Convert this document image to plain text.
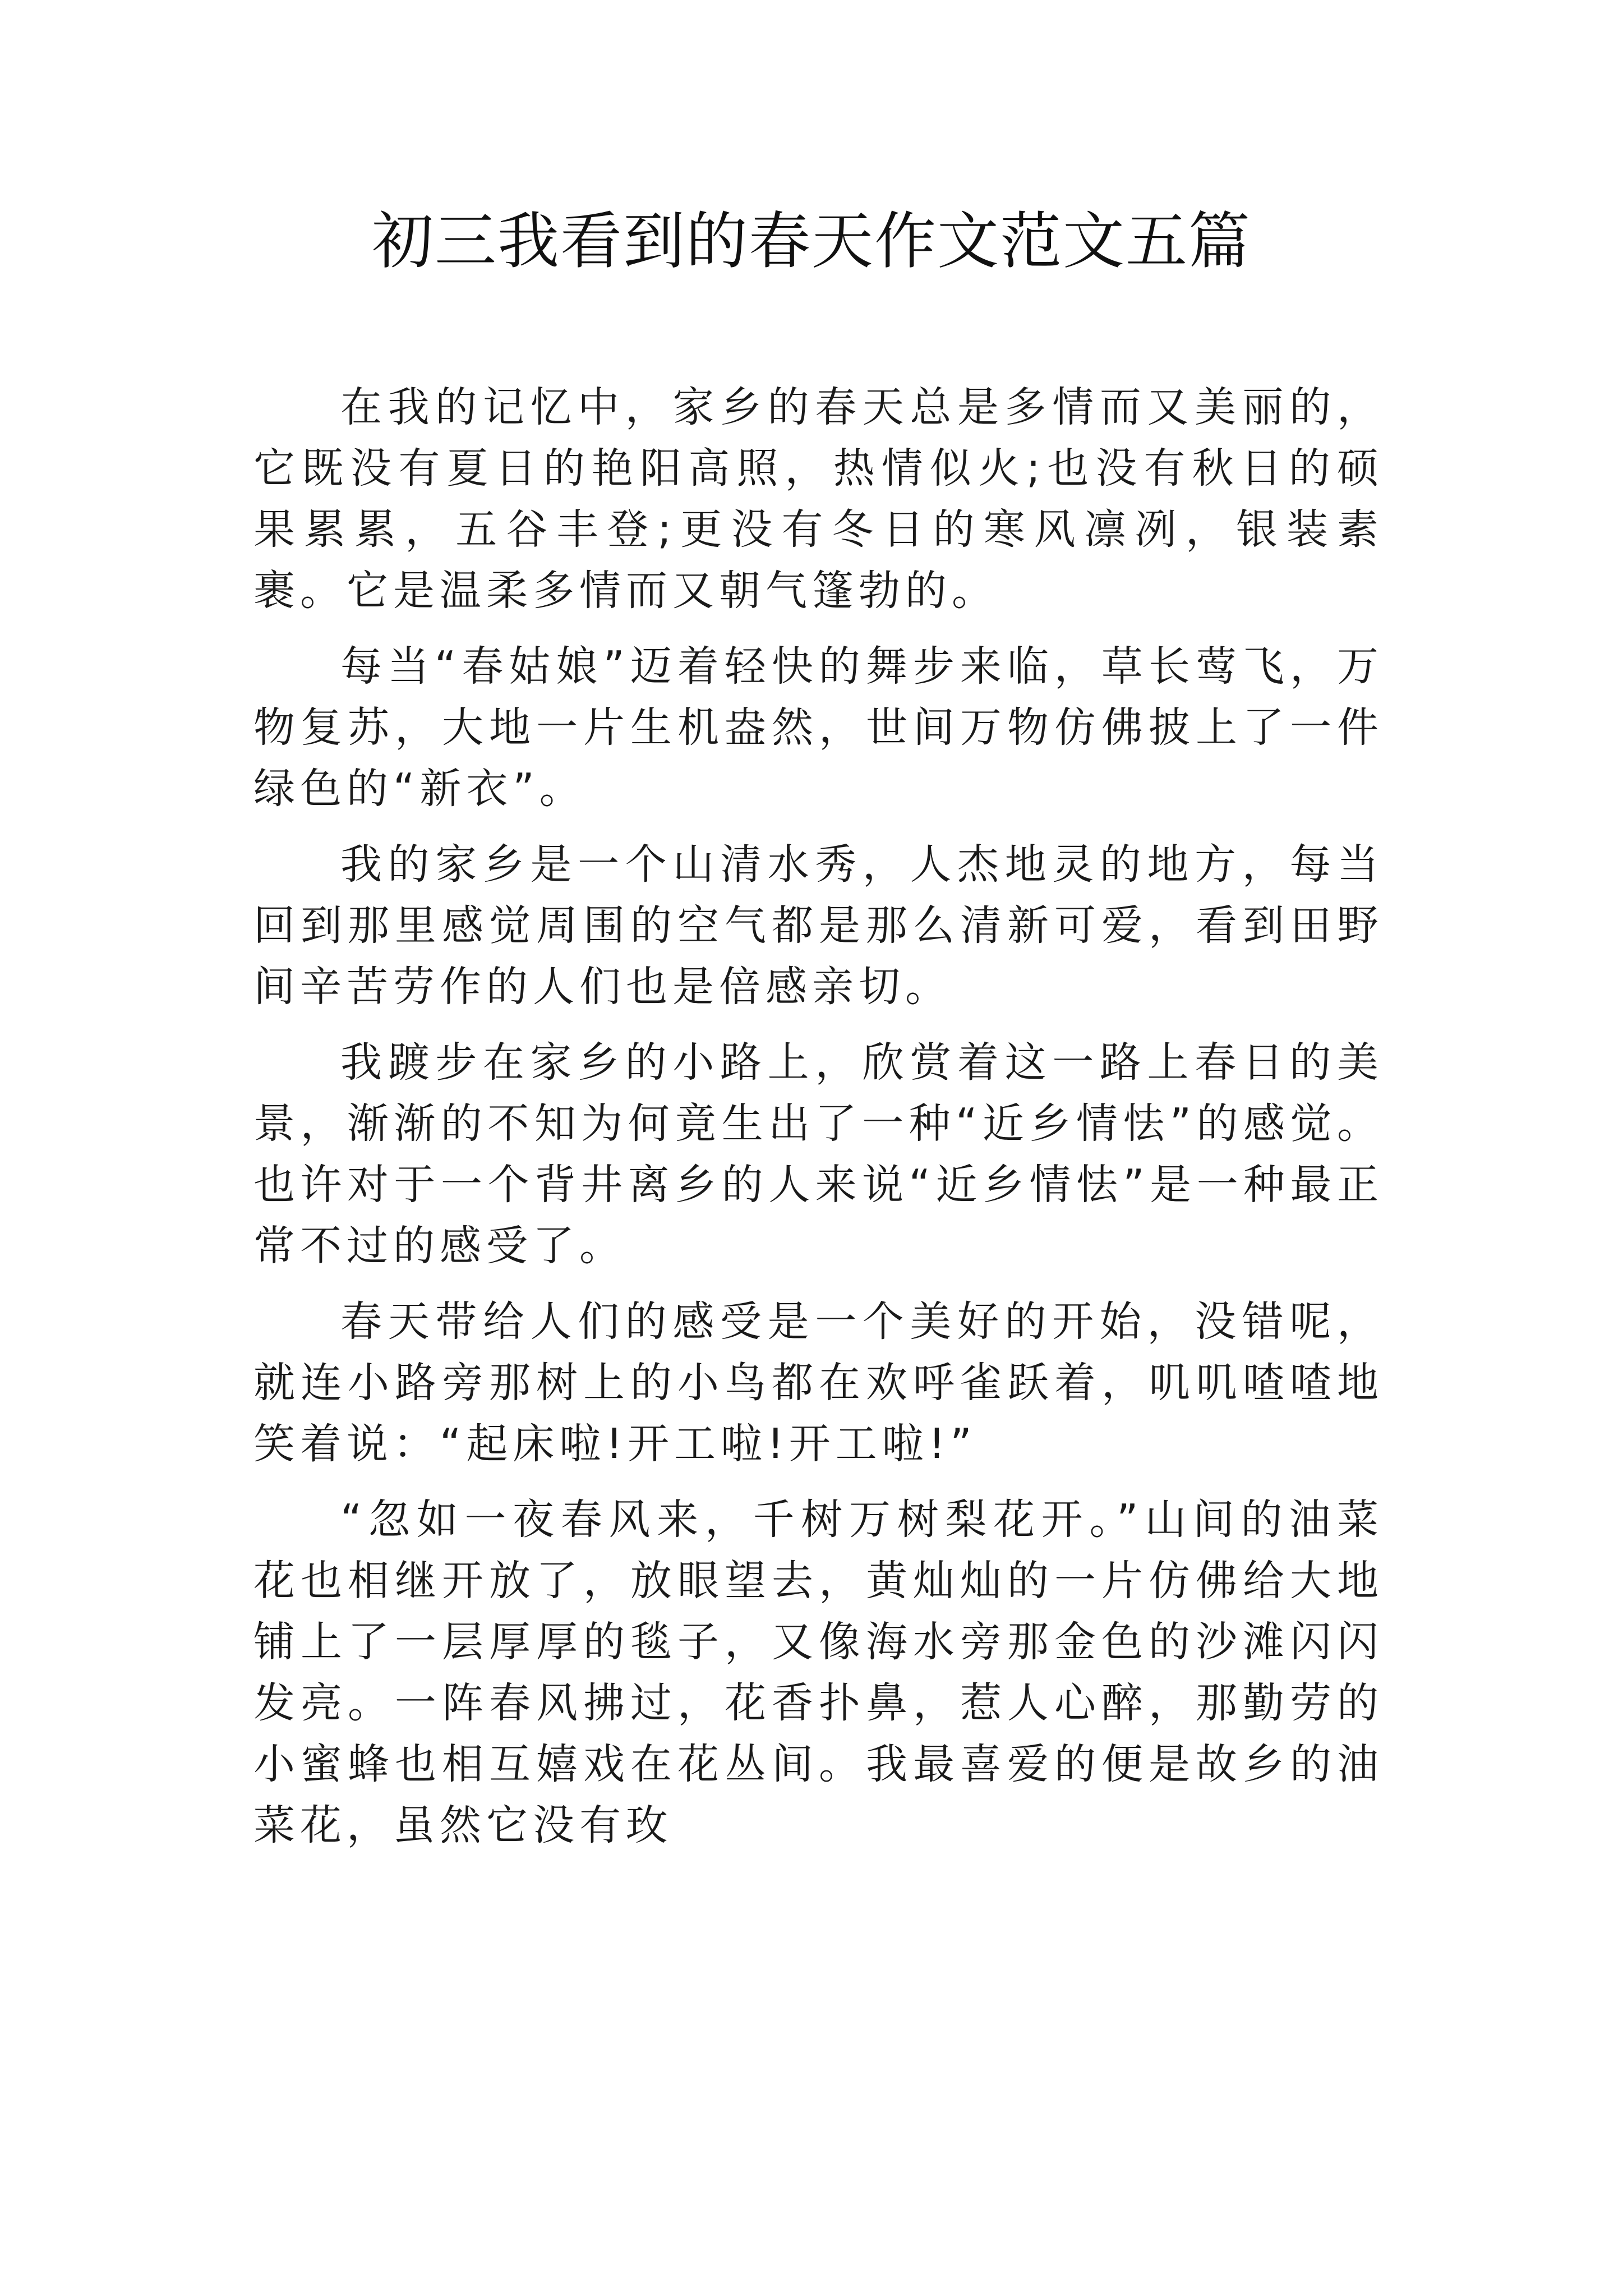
初三我看到的春天作文范文五篇

在我的记忆中，家乡的春天总是多情而又美丽的，它既没有夏日的艳阳高照，热情似火;也没有秋日的硕果累累，五谷丰登;更没有冬日的寒风凛冽，银装素裹。它是温柔多情而又朝气篷勃的。

每当“春姑娘”迈着轻快的舞步来临，草长莺飞，万物复苏，大地一片生机盎然，世间万物仿佛披上了一件绿色的“新衣”。

我的家乡是一个山清水秀，人杰地灵的地方，每当回到那里感觉周围的空气都是那么清新可爱，看到田野间辛苦劳作的人们也是倍感亲切。

我踱步在家乡的小路上，欣赏着这一路上春日的美景，渐渐的不知为何竟生出了一种“近乡情怯”的感觉。也许对于一个背井离乡的人来说“近乡情怯”是一种最正常不过的感受了。

春天带给人们的感受是一个美好的开始，没错呢，就连小路旁那树上的小鸟都在欢呼雀跃着，叽叽喳喳地笑着说：“起床啦!开工啦!开工啦!”

“忽如一夜春风来，千树万树梨花开。”山间的油菜花也相继开放了，放眼望去，黄灿灿的一片仿佛给大地铺上了一层厚厚的毯子，又像海水旁那金色的沙滩闪闪发亮。一阵春风拂过，花香扑鼻，惹人心醉，那勤劳的小蜜蜂也相互嬉戏在花丛间。我最喜爱的便是故乡的油菜花，虽然它没有玫
